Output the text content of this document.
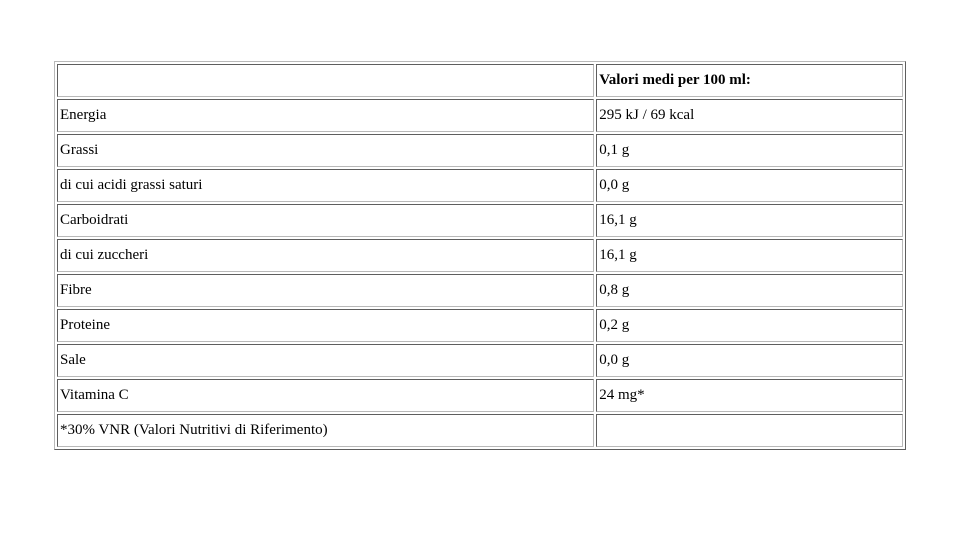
	Valori medi per 100 ml:
Energia	295 kJ / 69 kcal
Grassi	0,1 g
di cui acidi grassi saturi	0,0 g
Carboidrati	16,1 g
di cui zuccheri	16,1 g
Fibre	0,8 g
Proteine	0,2 g
Sale	0,0 g
Vitamina C	24 mg*
*30% VNR (Valori Nutritivi di Riferimento)	
